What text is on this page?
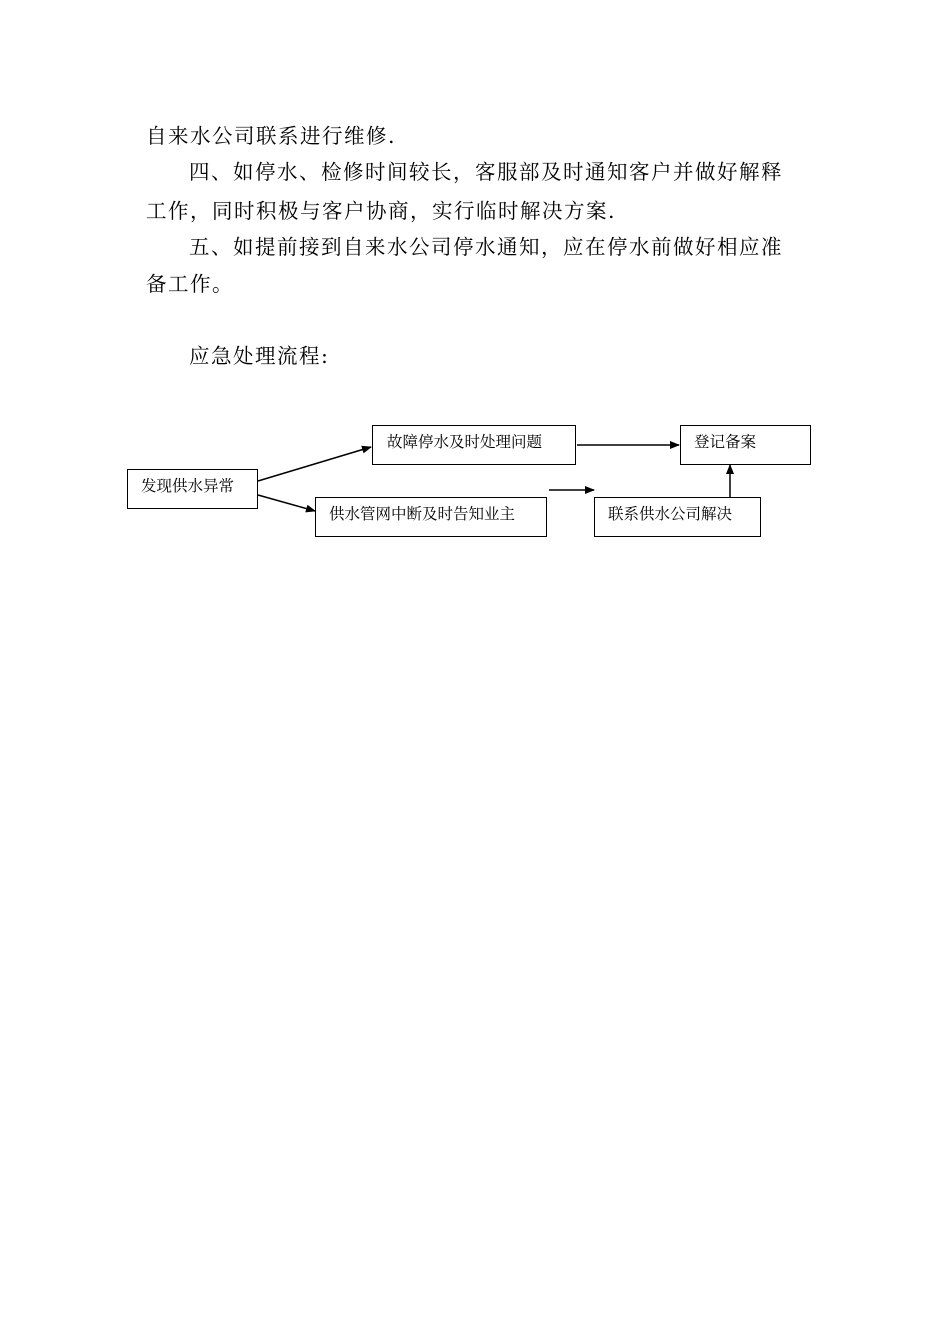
自来水公司联系进行维修.
四、如停水、检修时间较长，客服部及时通知客户并做好解释
工作，同时积极与客户协商，实行临时解决方案.
五、如提前接到自来水公司停水通知，应在停水前做好相应准
备工作。
应急处理流程:
发现供水异常
故障停水及时处理问题
供水管网中断及时告知业主	联系供水公司解决
登记备案
